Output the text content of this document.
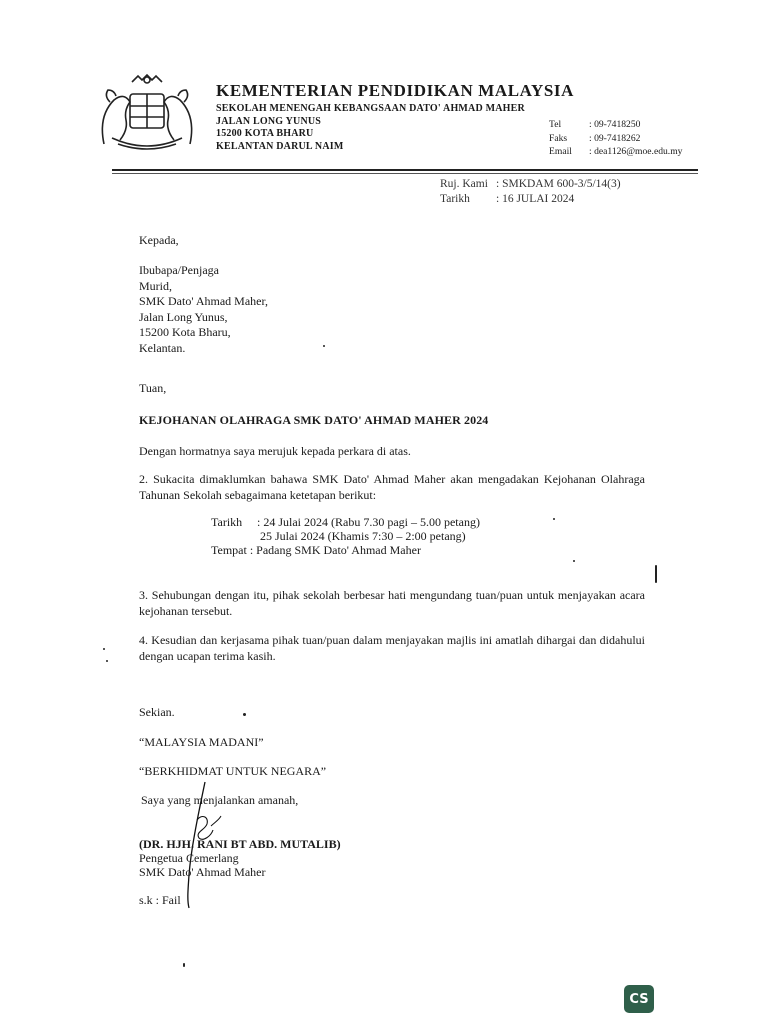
KEMENTERIAN PENDIDIKAN MALAYSIA
SEKOLAH MENENGAH KEBANGSAAN DATO' AHMAD MAHER
JALAN LONG YUNUS
15200 KOTA BHARU
KELANTAN DARUL NAIM
Tel	: 09-7418250
Faks	: 09-7418262
Email	: dea1126@moe.edu.my
Ruj. Kami : SMKDAM 600-3/5/14(3)
Tarikh	: 16 JULAI 2024
Kepada,
Ibubapa/Penjaga
Murid,
SMK Dato' Ahmad Maher,
Jalan Long Yunus,
15200 Kota Bharu,
Kelantan.
Tuan,
KEJOHANAN OLAHRAGA SMK DATO' AHMAD MAHER 2024
Dengan hormatnya saya merujuk kepada perkara di atas.
2. Sukacita dimaklumkan bahawa SMK Dato' Ahmad Maher akan mengadakan Kejohanan Olahraga Tahunan Sekolah sebagaimana ketetapan berikut:
Tarikh	: 24 Julai 2024 (Rabu 7.30 pagi – 5.00 petang)
25 Julai 2024 (Khamis 7:30 – 2:00 petang)
Tempat : Padang SMK Dato' Ahmad Maher
3. Sehubungan dengan itu, pihak sekolah berbesar hati mengundang tuan/puan untuk menjayakan acara kejohanan tersebut.
4. Kesudian dan kerjasama pihak tuan/puan dalam menjayakan majlis ini amatlah dihargai dan didahului dengan ucapan terima kasih.
Sekian.
“MALAYSIA MADANI”
“BERKHIDMAT UNTUK NEGARA”
Saya yang menjalankan amanah,
(DR. HJH. RANI BT ABD. MUTALIB)
Pengetua Cemerlang
SMK Dato' Ahmad Maher
s.k : Fail
CS
